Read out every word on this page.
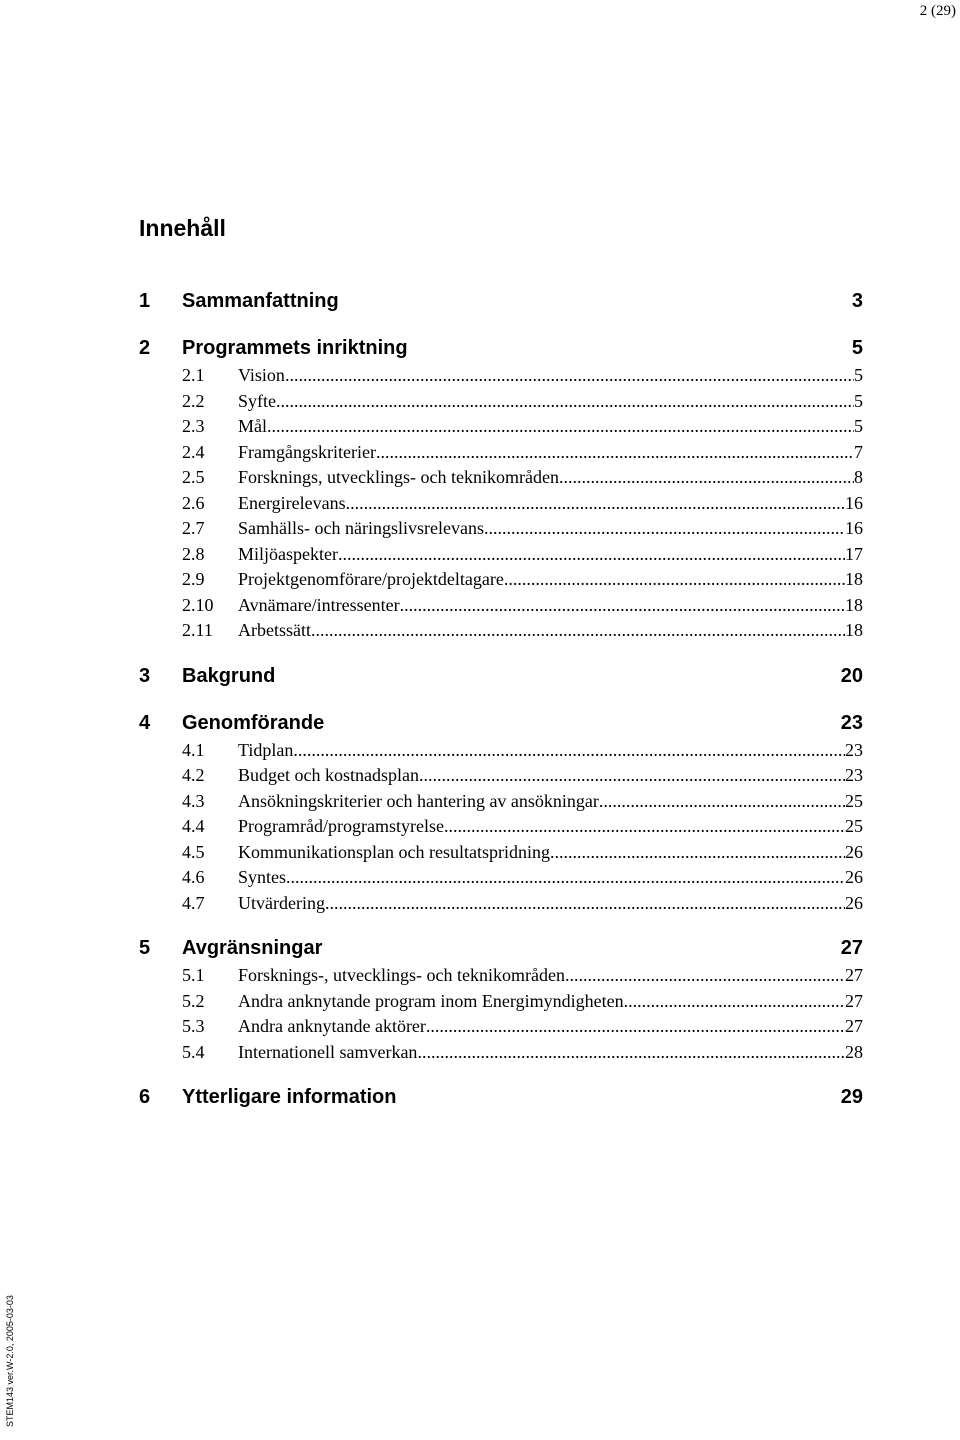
2 (29)
Innehåll
1	Sammanfattning	3
2	Programmets inriktning	5
2.1	Vision .....	5
2.2	Syfte .....	5
2.3	Mål .....	5
2.4	Framgångskriterier .....	7
2.5	Forsknings, utvecklings- och teknikområden .....	8
2.6	Energirelevans .....	16
2.7	Samhälls- och näringslivsrelevans .....	16
2.8	Miljöaspekter .....	17
2.9	Projektgenomförare/projektdeltagare .....	18
2.10	Avnämare/intressenter .....	18
2.11	Arbetssätt .....	18
3	Bakgrund	20
4	Genomförande	23
4.1	Tidplan .....	23
4.2	Budget och kostnadsplan .....	23
4.3	Ansökningskriterier och hantering av ansökningar .....	25
4.4	Programråd/programstyrelse .....	25
4.5	Kommunikationsplan och resultatspridning .....	26
4.6	Syntes .....	26
4.7	Utvärdering .....	26
5	Avgränsningar	27
5.1	Forsknings-, utvecklings- och teknikområden .....	27
5.2	Andra anknytande program inom Energimyndigheten .....	27
5.3	Andra anknytande aktörer .....	27
5.4	Internationell samverkan .....	28
6	Ytterligare information	29
STEM143 ver.W-2.0, 2005-03-03
